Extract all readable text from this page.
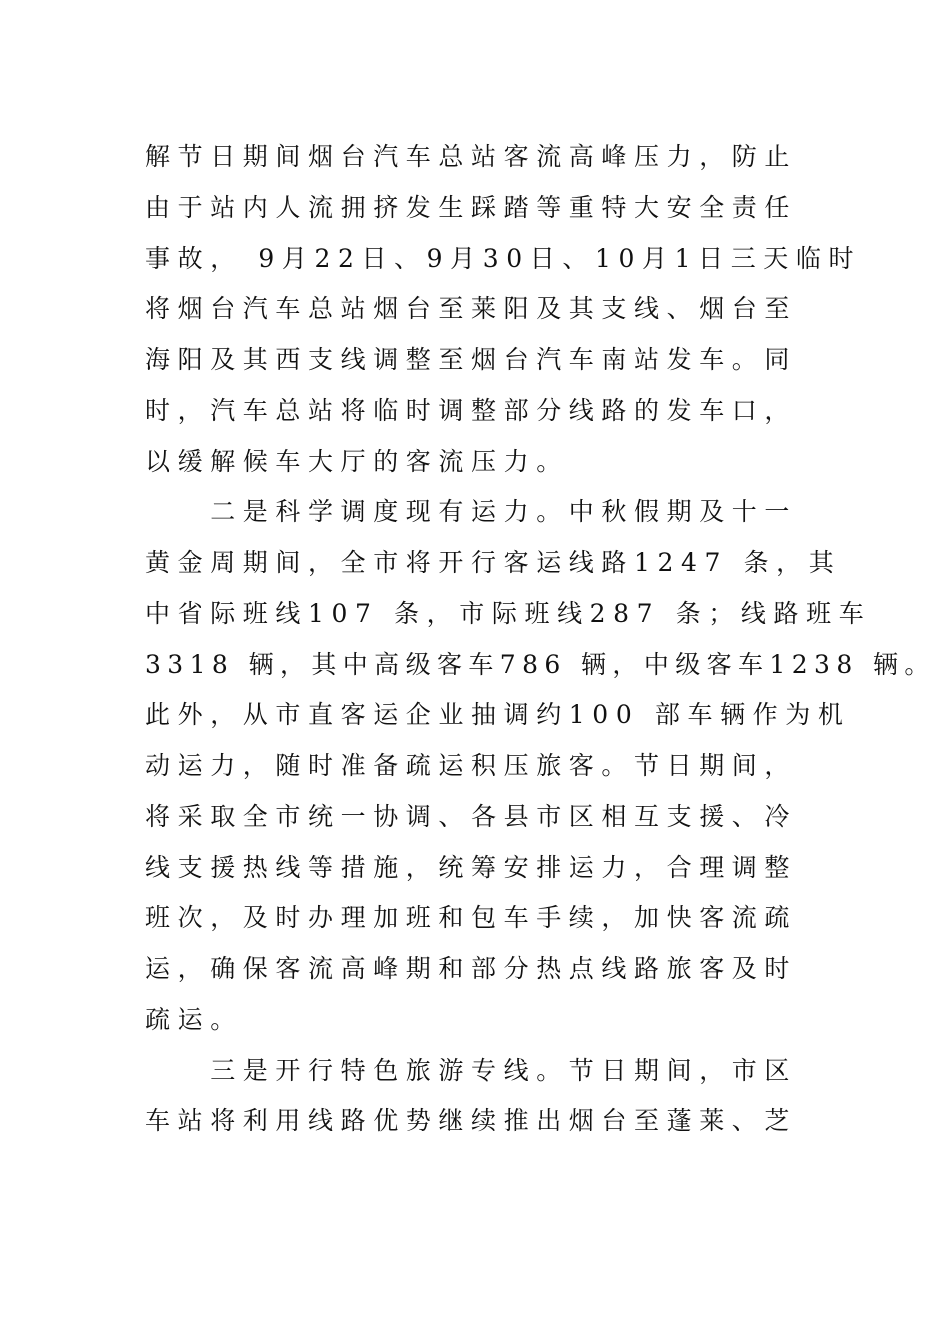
解节日期间烟台汽车总站客流高峰压力，防止
由于站内人流拥挤发生踩踏等重特大安全责任
事故， 9月22日、9月30日、10月1日三天临时
将烟台汽车总站烟台至莱阳及其支线、烟台至
海阳及其西支线调整至烟台汽车南站发车。同
时，汽车总站将临时调整部分线路的发车口，
以缓解候车大厅的客流压力。
　　二是科学调度现有运力。中秋假期及十一
黄金周期间，全市将开行客运线路1247 条，其
中省际班线107 条，市际班线287 条；线路班车
3318 辆，其中高级客车786 辆，中级客车1238 辆。
此外，从市直客运企业抽调约100 部车辆作为机
动运力，随时准备疏运积压旅客。节日期间，
将采取全市统一协调、各县市区相互支援、冷
线支援热线等措施，统筹安排运力，合理调整
班次，及时办理加班和包车手续，加快客流疏
运，确保客流高峰期和部分热点线路旅客及时
疏运。
　　三是开行特色旅游专线。节日期间，市区
车站将利用线路优势继续推出烟台至蓬莱、芝
